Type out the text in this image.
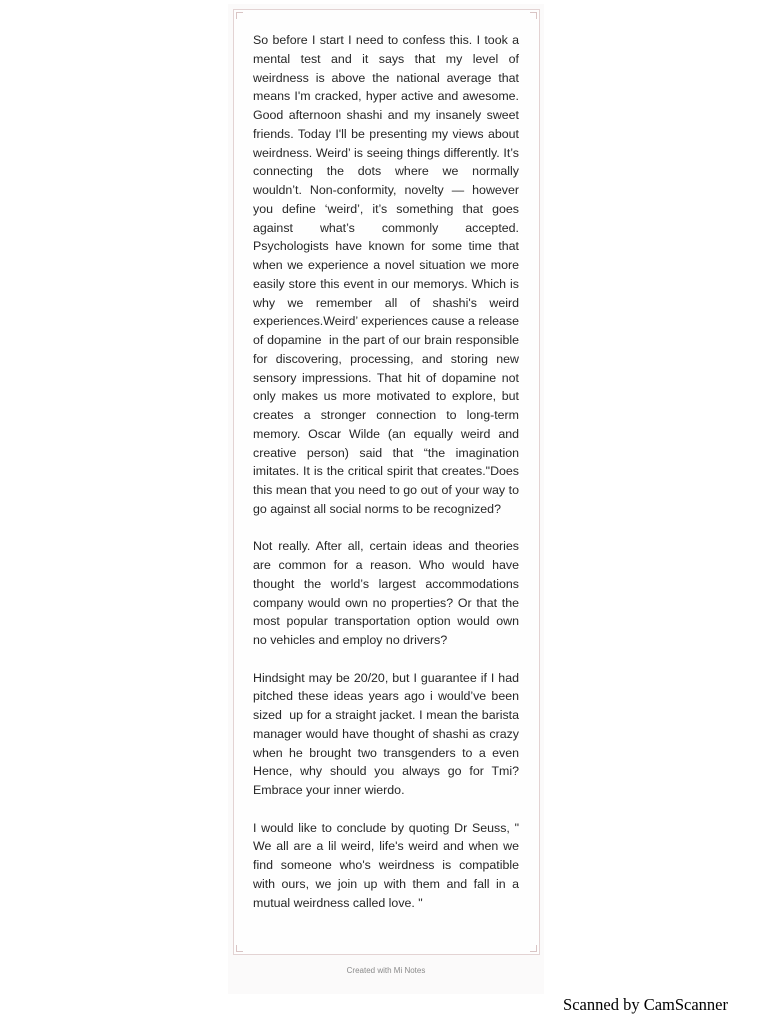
So before I start I need to confess this. I took a mental test and it says that my level of weirdness is above the national average that means I'm cracked, hyper active and awesome. Good afternoon shashi and my insanely sweet friends. Today I'll be presenting my views about weirdness. Weird’ is seeing things differently. It’s connecting the dots where we normally wouldn’t. Non-conformity, novelty — however you define ‘weird’, it’s something that goes against what’s commonly accepted. Psychologists have known for some time that when we experience a novel situation we more easily store this event in our memorys. Which is why we remember all of shashi's weird experiences.Weird’ experiences cause a release of dopamine  in the part of our brain responsible for discovering, processing, and storing new sensory impressions. That hit of dopamine not only makes us more motivated to explore, but creates a stronger connection to long-term memory. Oscar Wilde (an equally weird and creative person) said that “the imagination imitates. It is the critical spirit that creates."Does this mean that you need to go out of your way to go against all social norms to be recognized?

Not really. After all, certain ideas and theories are common for a reason. Who would have thought the world’s largest accommodations company would own no properties? Or that the most popular transportation option would own no vehicles and employ no drivers?

Hindsight may be 20/20, but I guarantee if I had pitched these ideas years ago i would’ve been sized  up for a straight jacket. I mean the barista manager would have thought of shashi as crazy when he brought two transgenders to a even Hence, why should you always go for Tmi?  Embrace your inner wierdo.

I would like to conclude by quoting Dr Seuss, " We all are a lil weird, life's weird and when we find someone who's weirdness is compatible with ours, we join up with them and fall in a mutual weirdness called love. "

Created with Mi Notes
Scanned by CamScanner
